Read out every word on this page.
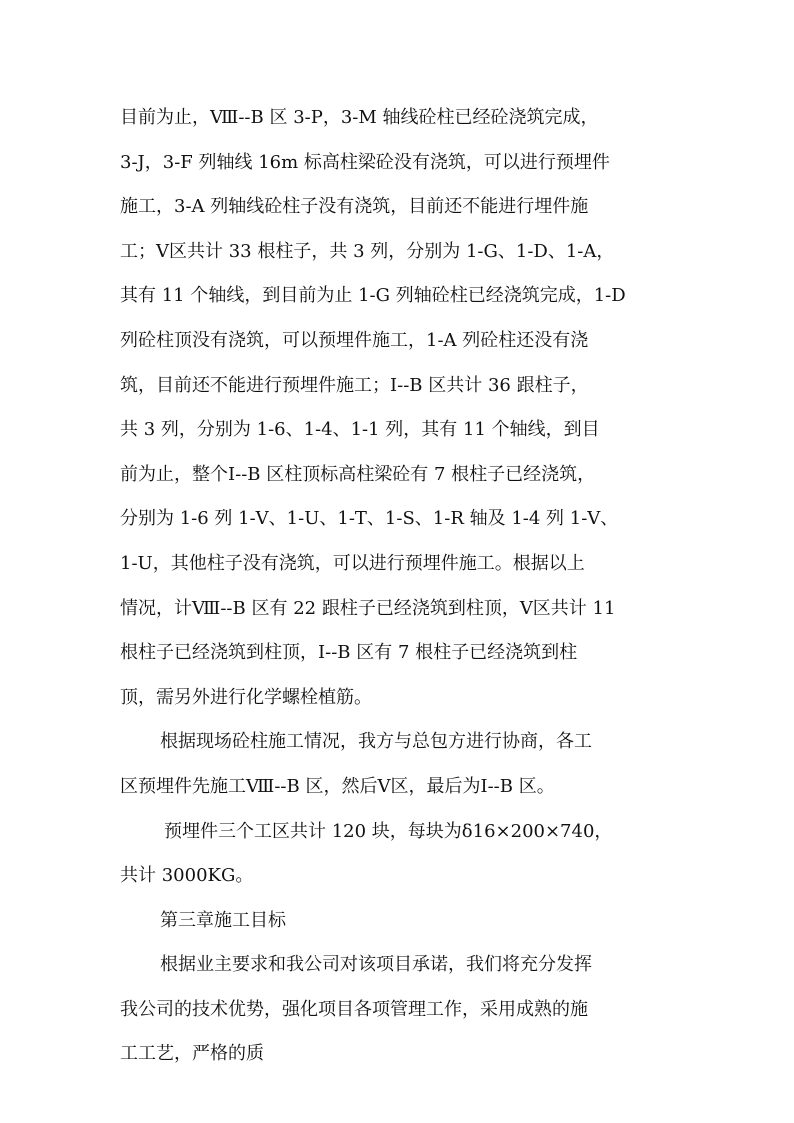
目前为止，Ⅷ--B 区 3-P，3-M 轴线砼柱已经砼浇筑完成，
3-J，3-F 列轴线 16m 标高柱梁砼没有浇筑，可以进行预埋件
施工，3-A 列轴线砼柱子没有浇筑，目前还不能进行埋件施
工；Ⅴ区共计 33 根柱子，共 3 列，分别为 1-G、1-D、1-A，
其有 11 个轴线，到目前为止 1-G 列轴砼柱已经浇筑完成，1-D
列砼柱顶没有浇筑，可以预埋件施工，1-A 列砼柱还没有浇
筑，目前还不能进行预埋件施工；Ⅰ--B 区共计 36 跟柱子，
共 3 列，分别为 1-6、1-4、1-1 列，其有 11 个轴线，到目
前为止，整个Ⅰ--B 区柱顶标高柱梁砼有 7 根柱子已经浇筑，
分别为 1-6 列 1-V、1-U、1-T、1-S、1-R 轴及 1-4 列 1-V、
1-U，其他柱子没有浇筑，可以进行预埋件施工。根据以上
情况，计Ⅷ--B 区有 22 跟柱子已经浇筑到柱顶，Ⅴ区共计 11
根柱子已经浇筑到柱顶，Ⅰ--B 区有 7 根柱子已经浇筑到柱
顶，需另外进行化学螺栓植筋。
根据现场砼柱施工情况，我方与总包方进行协商，各工
区预埋件先施工Ⅷ--B 区，然后Ⅴ区，最后为Ⅰ--B 区。
预埋件三个工区共计 120 块，每块为δ16×200×740，
共计 3000KG。
第三章施工目标
根据业主要求和我公司对该项目承诺，我们将充分发挥
我公司的技术优势，强化项目各项管理工作，采用成熟的施
工工艺，严格的质
